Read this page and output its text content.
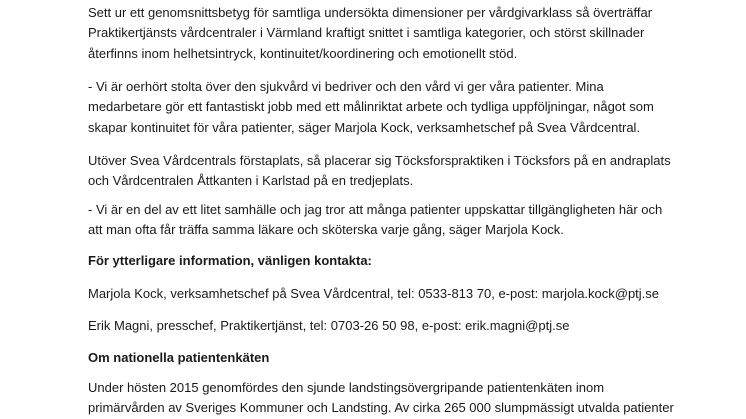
Sett ur ett genomsnittsbetyg för samtliga undersökta dimensioner per vårdgivarklass så överträffar
Praktikertjänsts vårdcentraler i Värmland kraftigt snittet i samtliga kategorier, och störst skillnader
återfinns inom helhetsintryck, kontinuitet/koordinering och emotionellt stöd.

- Vi är oerhört stolta över den sjukvård vi bedriver och den vård vi ger våra patienter. Mina
medarbetare gör ett fantastiskt jobb med ett målinriktat arbete och tydliga uppföljningar, något som
skapar kontinuitet för våra patienter, säger Marjola Kock, verksamhetschef på Svea Vårdcentral.

Utöver Svea Vårdcentrals förstaplats, så placerar sig Töcksforspraktiken i Töcksfors på en andraplats
och Vårdcentralen Åttkanten i Karlstad på en tredjeplats.

- Vi är en del av ett litet samhälle och jag tror att många patienter uppskattar tillgängligheten här och
att man ofta får träffa samma läkare och sköterska varje gång, säger Marjola Kock.

För ytterligare information, vänligen kontakta:

Marjola Kock, verksamhetschef på Svea Vårdcentral, tel: 0533-813 70, e-post: marjola.kock@ptj.se

Erik Magni, presschef, Praktikertjänst, tel: 0703-26 50 98, e-post: erik.magni@ptj.se

Om nationella patientenkäten

Under hösten 2015 genomfördes den sjunde landstingsövergripande patientenkäten inom
primärvården av Sveriges Kommuner och Landsting. Av cirka 265 000 slumpmässigt utvalda patienter
